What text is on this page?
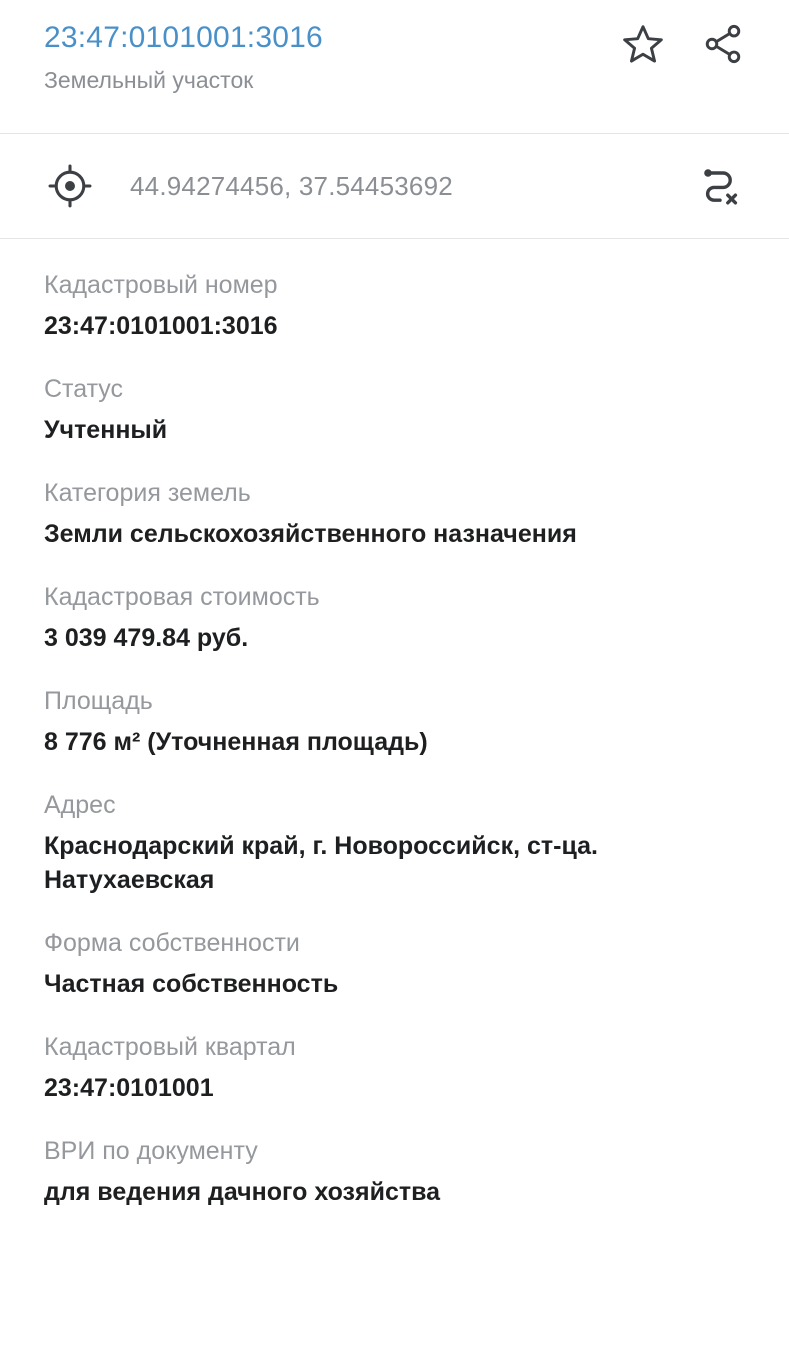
23:47:0101001:3016
Земельный участок
44.94274456, 37.54453692
Кадастровый номер
23:47:0101001:3016
Статус
Учтенный
Категория земель
Земли сельскохозяйственного назначения
Кадастровая стоимость
3 039 479.84 руб.
Площадь
8 776 м² (Уточненная площадь)
Адрес
Краснодарский край, г. Новороссийск, ст-ца. Натухаевская
Форма собственности
Частная собственность
Кадастровый квартал
23:47:0101001
ВРИ по документу
для ведения дачного хозяйства
